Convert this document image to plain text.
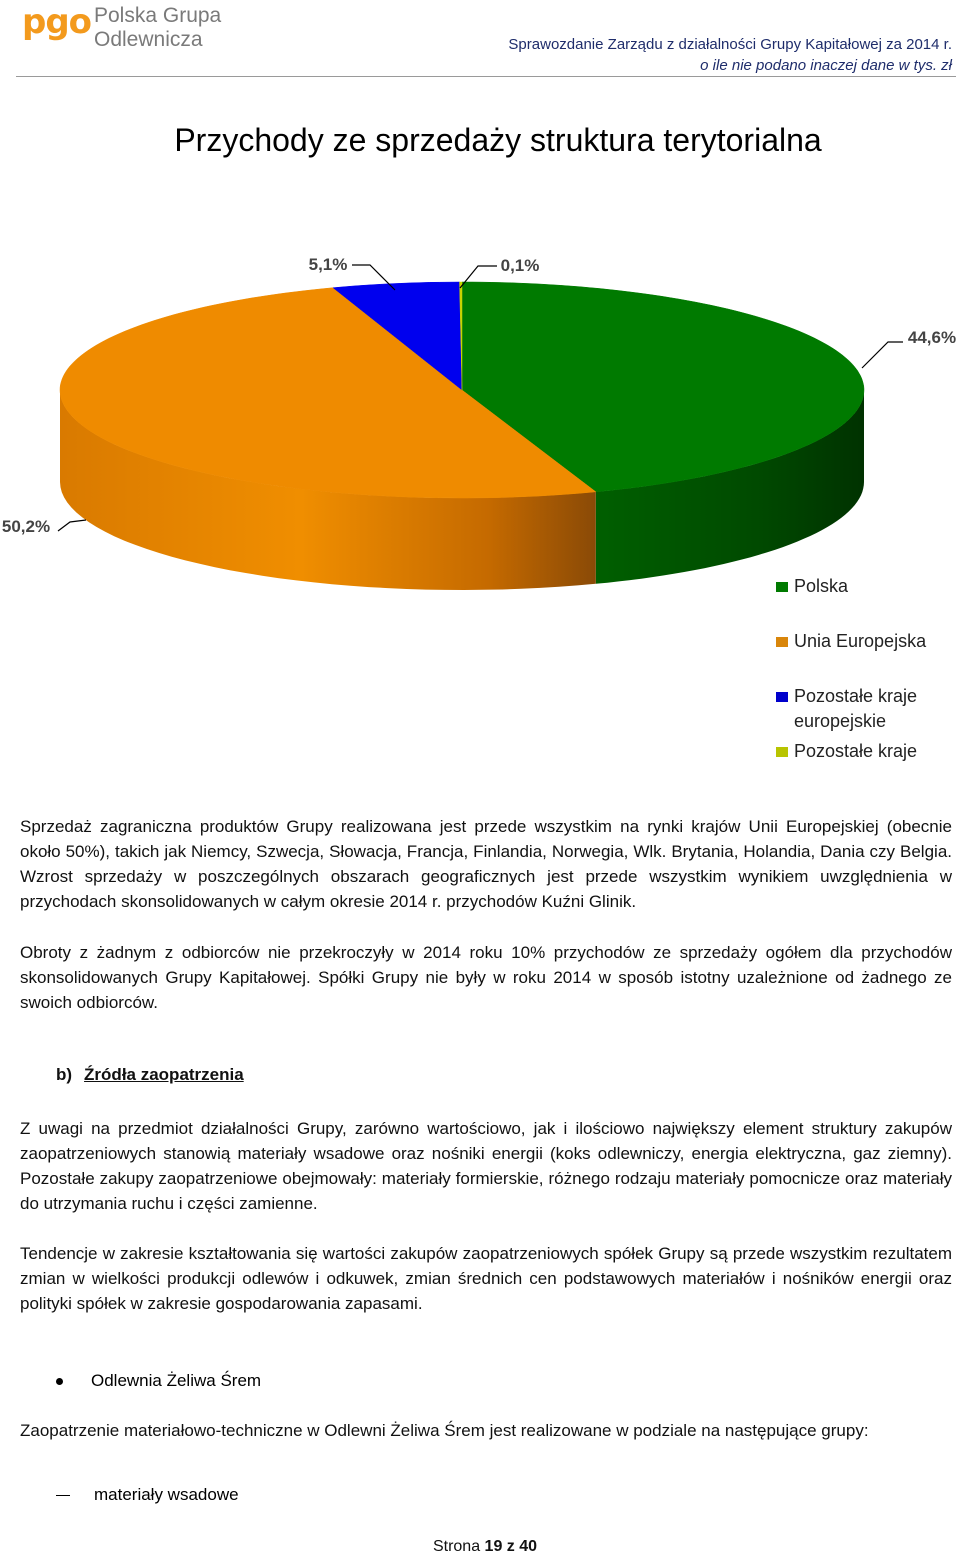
pgo Polska Grupa
Odlewnicza	Sprawozdanie Zarządu z działalności Grupy Kapitałowej za 2014 r.
o ile nie podano inaczej dane w tys. zł
Przychody ze sprzedaży struktura terytorialna
44,6%
50,2%
5,1%	0,1%
Polska
Unia Europejska
Pozostałe kraje
europejskie
Pozostałe kraje
Sprzedaż zagraniczna produktów Grupy realizowana jest przede wszystkim na rynki krajów Unii Europejskiej (obecnie około 50%), takich jak Niemcy, Szwecja, Słowacja, Francja, Finlandia, Norwegia, Wlk. Brytania, Holandia, Dania czy Belgia. Wzrost sprzedaży w poszczególnych obszarach geograficznych jest przede wszystkim wynikiem uwzględnienia w przychodach skonsolidowanych w całym okresie 2014 r. przychodów Kuźni Glinik.
Obroty z żadnym z odbiorców nie przekroczyły w 2014 roku 10% przychodów ze sprzedaży ogółem dla przychodów skonsolidowanych Grupy Kapitałowej. Spółki Grupy nie były w roku 2014 w sposób istotny uzależnione od żadnego ze swoich odbiorców.
b) Źródła zaopatrzenia
Z uwagi na przedmiot działalności Grupy, zarówno wartościowo, jak i ilościowo największy element struktury zakupów zaopatrzeniowych stanowią materiały wsadowe oraz nośniki energii (koks odlewniczy, energia elektryczna, gaz ziemny). Pozostałe zakupy zaopatrzeniowe obejmowały: materiały formierskie, różnego rodzaju materiały pomocnicze oraz materiały do utrzymania ruchu i części zamienne.
Tendencje w zakresie kształtowania się wartości zakupów zaopatrzeniowych spółek Grupy są przede wszystkim rezultatem zmian w wielkości produkcji odlewów i odkuwek, zmian średnich cen podstawowych materiałów i nośników energii oraz polityki spółek w zakresie gospodarowania zapasami.
Odlewnia Żeliwa Śrem
Zaopatrzenie materiałowo-techniczne w Odlewni Żeliwa Śrem jest realizowane w podziale na następujące grupy:
materiały wsadowe
Strona 19 z 40
